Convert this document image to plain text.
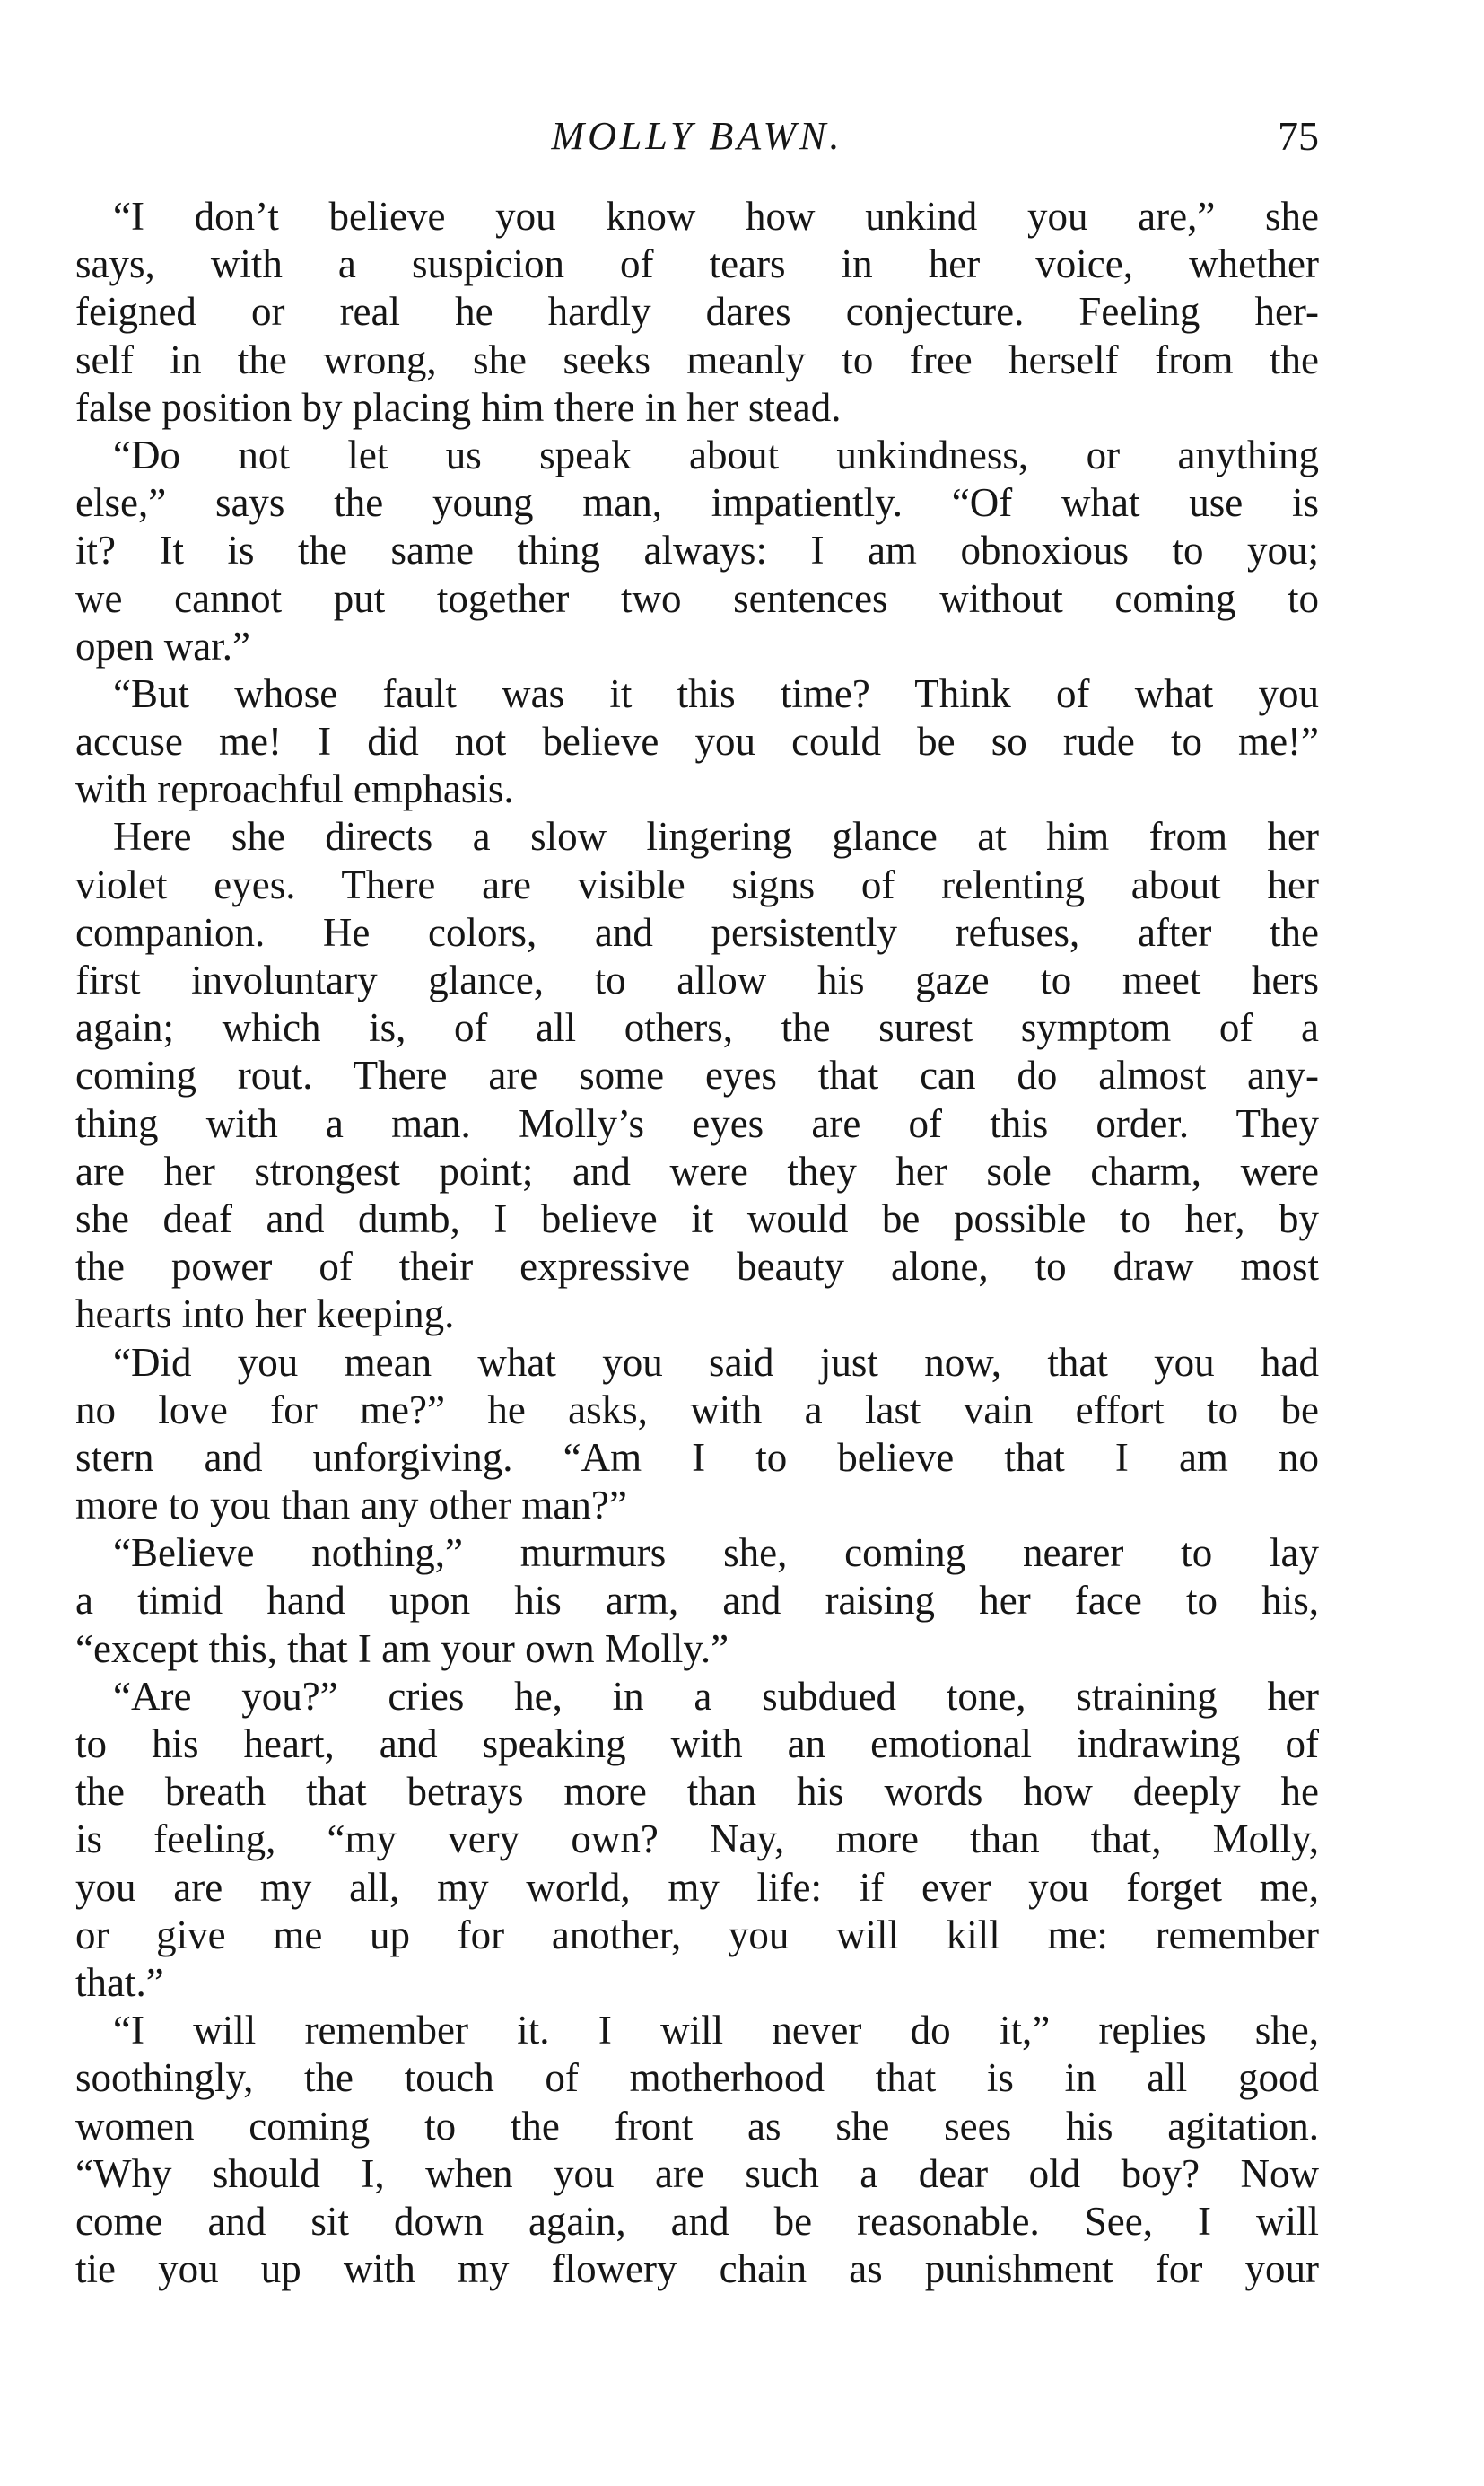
MOLLY BAWN.	75
“I don’t believe you know how unkind you are,” she
says, with a suspicion of tears in her voice, whether
feigned or real he hardly dares conjecture. Feeling her-
self in the wrong, she seeks meanly to free herself from the
false position by placing him there in her stead.
“Do not let us speak about unkindness, or anything
else,” says the young man, impatiently. “Of what use is
it? It is the same thing always: I am obnoxious to you;
we cannot put together two sentences without coming to
open war.”
“But whose fault was it this time? Think of what you
accuse me! I did not believe you could be so rude to me!”
with reproachful emphasis.
Here she directs a slow lingering glance at him from her
violet eyes. There are visible signs of relenting about her
companion. He colors, and persistently refuses, after the
first involuntary glance, to allow his gaze to meet hers
again; which is, of all others, the surest symptom of a
coming rout. There are some eyes that can do almost any-
thing with a man. Molly’s eyes are of this order. They
are her strongest point; and were they her sole charm, were
she deaf and dumb, I believe it would be possible to her, by
the power of their expressive beauty alone, to draw most
hearts into her keeping.
“Did you mean what you said just now, that you had
no love for me?” he asks, with a last vain effort to be
stern and unforgiving. “Am I to believe that I am no
more to you than any other man?”
“Believe nothing,” murmurs she, coming nearer to lay
a timid hand upon his arm, and raising her face to his,
“except this, that I am your own Molly.”
“Are you?” cries he, in a subdued tone, straining her
to his heart, and speaking with an emotional indrawing of
the breath that betrays more than his words how deeply he
is feeling, “my very own? Nay, more than that, Molly,
you are my all, my world, my life: if ever you forget me,
or give me up for another, you will kill me: remember
that.”
“I will remember it. I will never do it,” replies she,
soothingly, the touch of motherhood that is in all good
women coming to the front as she sees his agitation.
“Why should I, when you are such a dear old boy? Now
come and sit down again, and be reasonable. See, I will
tie you up with my flowery chain as punishment for your
